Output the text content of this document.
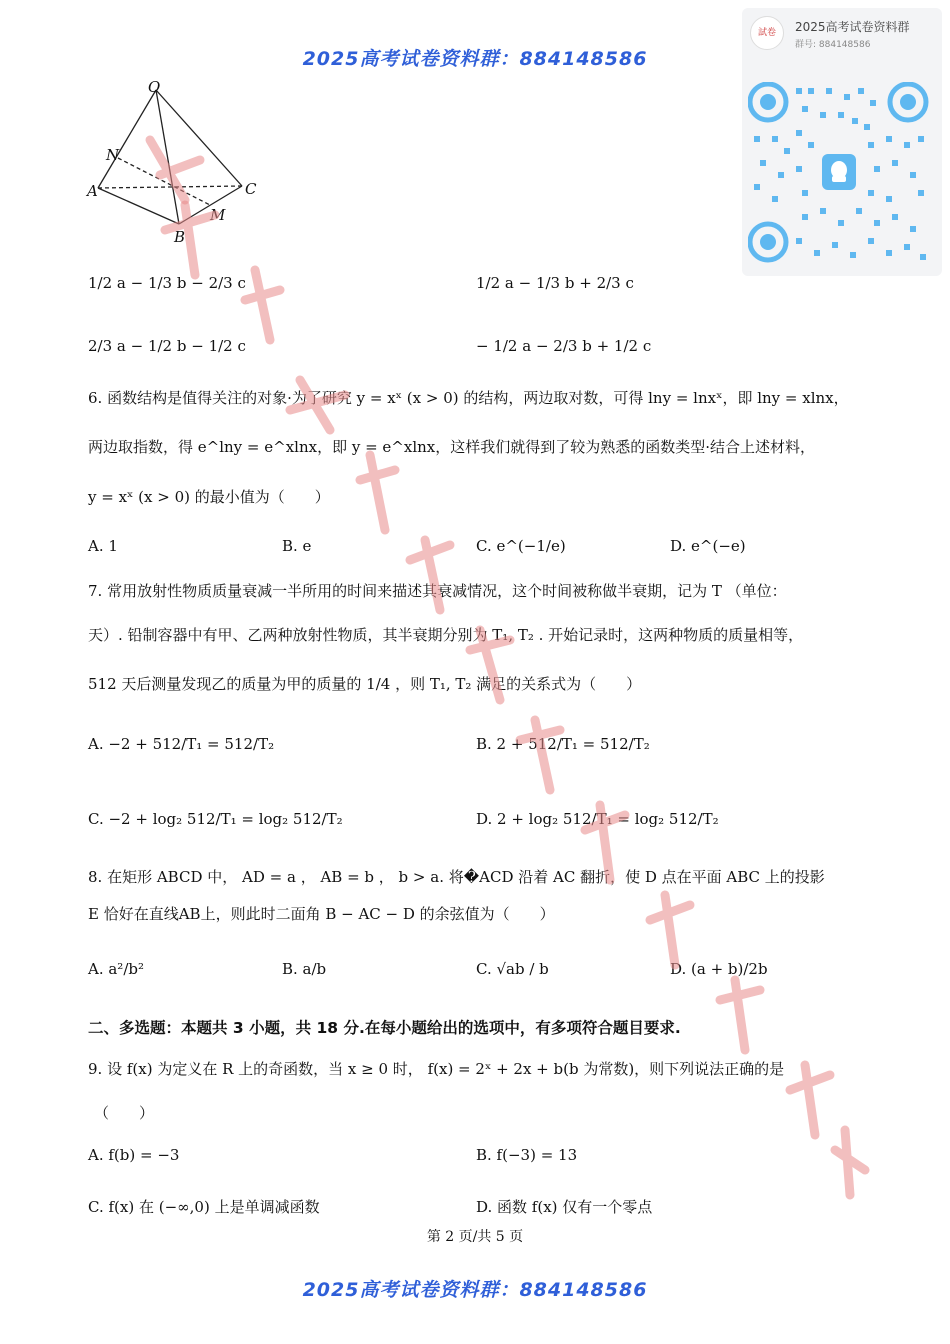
2025高考试卷资料群：884148586
試卷	2025高考试卷资料群
群号: 884148586
O
N
A
B
C
M
1/2 a − 1/3 b − 2/3 c	1/2 a − 1/3 b + 2/3 c
2/3 a − 1/2 b − 1/2 c	− 1/2 a − 2/3 b + 1/2 c
6. 函数结构是值得关注的对象·为了研究 y = xˣ (x > 0) 的结构，两边取对数，可得 lny = lnxˣ，即 lny = xlnx，
两边取指数，得 e^lny = e^xlnx，即 y = e^xlnx，这样我们就得到了较为熟悉的函数类型·结合上述材料，
y = xˣ (x > 0) 的最小值为（　　）
A. 1	B. e	C. e^(−1/e)	D. e^(−e)
7. 常用放射性物质质量衰减一半所用的时间来描述其衰减情况，这个时间被称做半衰期，记为 T （单位：
天）. 铅制容器中有甲、乙两种放射性物质，其半衰期分别为 T₁, T₂ . 开始记录时，这两种物质的质量相等，
512 天后测量发现乙的质量为甲的质量的 1/4 ，则 T₁, T₂ 满足的关系式为（　　）
A. −2 + 512/T₁ = 512/T₂	B. 2 + 512/T₁ = 512/T₂
C. −2 + log₂ 512/T₁ = log₂ 512/T₂	D. 2 + log₂ 512/T₁ = log₂ 512/T₂
8. 在矩形 ABCD 中， AD = a ， AB = b ， b > a. 将�ACD 沿着 AC 翻折，使 D 点在平面 ABC 上的投影
E 恰好在直线AB上，则此时二面角 B − AC − D 的余弦值为（　　）
A. a²/b²	B. a/b	C. √ab / b	D. (a + b)/2b
二、多选题：本题共 3 小题，共 18 分.在每小题给出的选项中，有多项符合题目要求.
9. 设 f(x) 为定义在 R 上的奇函数，当 x ≥ 0 时， f(x) = 2ˣ + 2x + b(b 为常数)，则下列说法正确的是
（　　）
A. f(b) = −3	B. f(−3) = 13
C. f(x) 在 (−∞,0) 上是单调减函数	D. 函数 f(x) 仅有一个零点
第 2 页/共 5 页
2025高考试卷资料群：884148586
